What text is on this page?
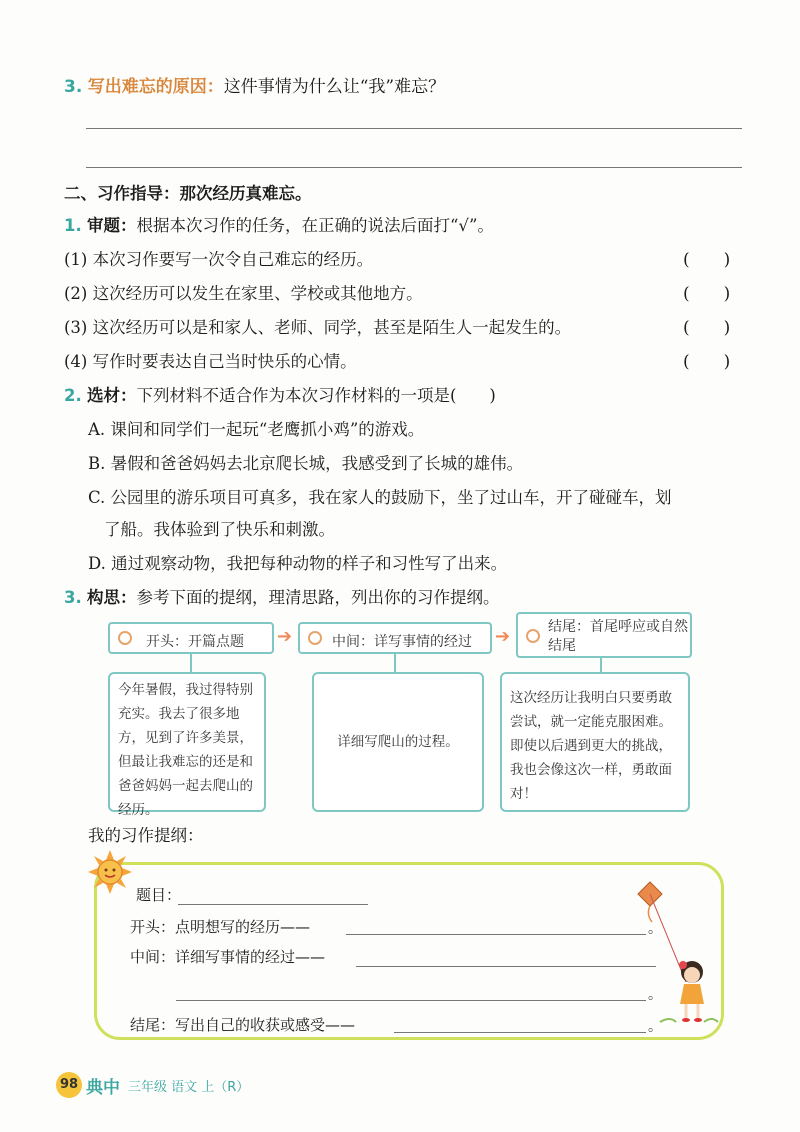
3. 写出难忘的原因：这件事情为什么让“我”难忘？
二、习作指导：那次经历真难忘。
1. 审题：根据本次习作的任务，在正确的说法后面打“√”。
(1) 本次习作要写一次令自己难忘的经历。	(　　)
(2) 这次经历可以发生在家里、学校或其他地方。	(　　)
(3) 这次经历可以是和家人、老师、同学，甚至是陌生人一起发生的。	(　　)
(4) 写作时要表达自己当时快乐的心情。	(　　)
2. 选材：下列材料不适合作为本次习作材料的一项是(　　)
A. 课间和同学们一起玩“老鹰抓小鸡”的游戏。
B. 暑假和爸爸妈妈去北京爬长城，我感受到了长城的雄伟。
C. 公园里的游乐项目可真多，我在家人的鼓励下，坐了过山车，开了碰碰车，划
了船。我体验到了快乐和刺激。
D. 通过观察动物，我把每种动物的样子和习性写了出来。
3. 构思：参考下面的提纲，理清思路，列出你的习作提纲。
开头：开篇点题 ➔	中间：详写事情的经过 ➔	结尾：首尾呼应或自然结尾
今年暑假，我过得特别充实。我去了很多地方，见到了许多美景，但最让我难忘的还是和爸爸妈妈一起去爬山的经历。
详细写爬山的过程。
这次经历让我明白只要勇敢尝试，就一定能克服困难。即使以后遇到更大的挑战，我也会像这次一样，勇敢面对！
我的习作提纲：
题目：
开头：点明想写的经历——	。
中间：详细写事情的经过——
。
结尾：写出自己的收获或感受——	。
98 典中 三年级 语文 上（R）
